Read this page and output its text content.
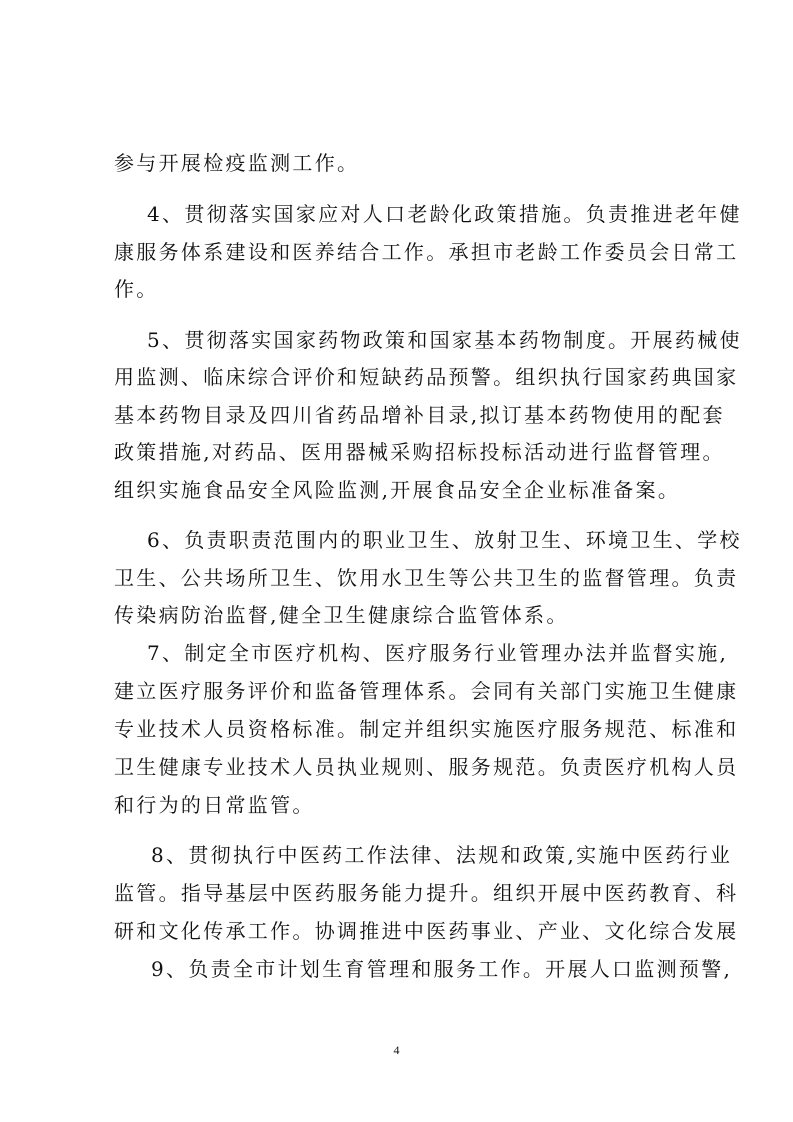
参与开展检疫监测工作。
4、贯彻落实国家应对人口老龄化政策措施。负责推进老年健
康服务体系建设和医养结合工作。承担市老龄工作委员会日常工
作。
5、贯彻落实国家药物政策和国家基本药物制度。开展药械使
用监测、临床综合评价和短缺药品预警。组织执行国家药典国家
基本药物目录及四川省药品增补目录,拟订基本药物使用的配套
政策措施,对药品、医用器械采购招标投标活动进行监督管理。
组织实施食品安全风险监测,开展食品安全企业标准备案。
6、负责职责范围内的职业卫生、放射卫生、环境卫生、学校
卫生、公共场所卫生、饮用水卫生等公共卫生的监督管理。负责
传染病防治监督,健全卫生健康综合监管体系。
7、制定全市医疗机构、医疗服务行业管理办法并监督实施,
建立医疗服务评价和监备管理体系。会同有关部门实施卫生健康
专业技术人员资格标准。制定并组织实施医疗服务规范、标准和
卫生健康专业技术人员执业规则、服务规范。负责医疗机构人员
和行为的日常监管。
8、贯彻执行中医药工作法律、法规和政策,实施中医药行业
监管。指导基层中医药服务能力提升。组织开展中医药教育、科
研和文化传承工作。协调推进中医药事业、产业、文化综合发展
9、负责全市计划生育管理和服务工作。开展人口监测预警,
4
